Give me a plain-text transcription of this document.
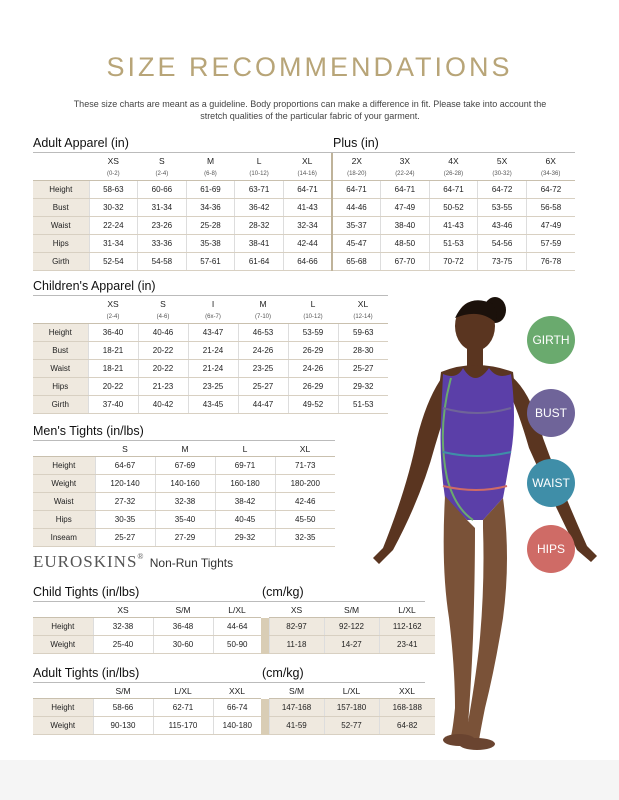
SIZE RECOMMENDATIONS
These size charts are meant as a guideline. Body proportions can make a difference in fit. Please take into account the stretch qualities of the particular fabric of your garment.
Adult Apparel (in)	Plus (in)
	XS	S	M	L	XL	2X	3X	4X	5X	6X
	(0-2)	(2-4)	(6-8)	(10-12)	(14-16)	(18-20)	(22-24)	(26-28)	(30-32)	(34-36)
Height	58-63	60-66	61-69	63-71	64-71	64-71	64-71	64-71	64-72	64-72
Bust	30-32	31-34	34-36	36-42	41-43	44-46	47-49	50-52	53-55	56-58
Waist	22-24	23-26	25-28	28-32	32-34	35-37	38-40	41-43	43-46	47-49
Hips	31-34	33-36	35-38	38-41	42-44	45-47	48-50	51-53	54-56	57-59
Girth	52-54	54-58	57-61	61-64	64-66	65-68	67-70	70-72	73-75	76-78
Children's Apparel (in)
	XS	S	I	M	L	XL
	(2-4)	(4-6)	(6x-7)	(7-10)	(10-12)	(12-14)
Height	36-40	40-46	43-47	46-53	53-59	59-63
Bust	18-21	20-22	21-24	24-26	26-29	28-30
Waist	18-21	20-22	21-24	23-25	24-26	25-27
Hips	20-22	21-23	23-25	25-27	26-29	29-32
Girth	37-40	40-42	43-45	44-47	49-52	51-53
Men's Tights (in/lbs)
	S	M	L	XL
Height	64-67	67-69	69-71	71-73
Weight	120-140	140-160	160-180	180-200
Waist	27-32	32-38	38-42	42-46
Hips	30-35	35-40	40-45	45-50
Inseam	25-27	27-29	29-32	32-35
EUROSKINS® Non-Run Tights
Child Tights (in/lbs)	(cm/kg)
	XS	S/M	L/XL		XS	S/M	L/XL
Height	32-38	36-48	44-64		82-97	92-122	112-162
Weight	25-40	30-60	50-90		11-18	14-27	23-41
Adult Tights (in/lbs)	(cm/kg)
	S/M	L/XL	XXL		S/M	L/XL	XXL
Height	58-66	62-71	66-74		147-168	157-180	168-188
Weight	90-130	115-170	140-180		41-59	52-77	64-82
GIRTH
BUST
WAIST
HIPS
